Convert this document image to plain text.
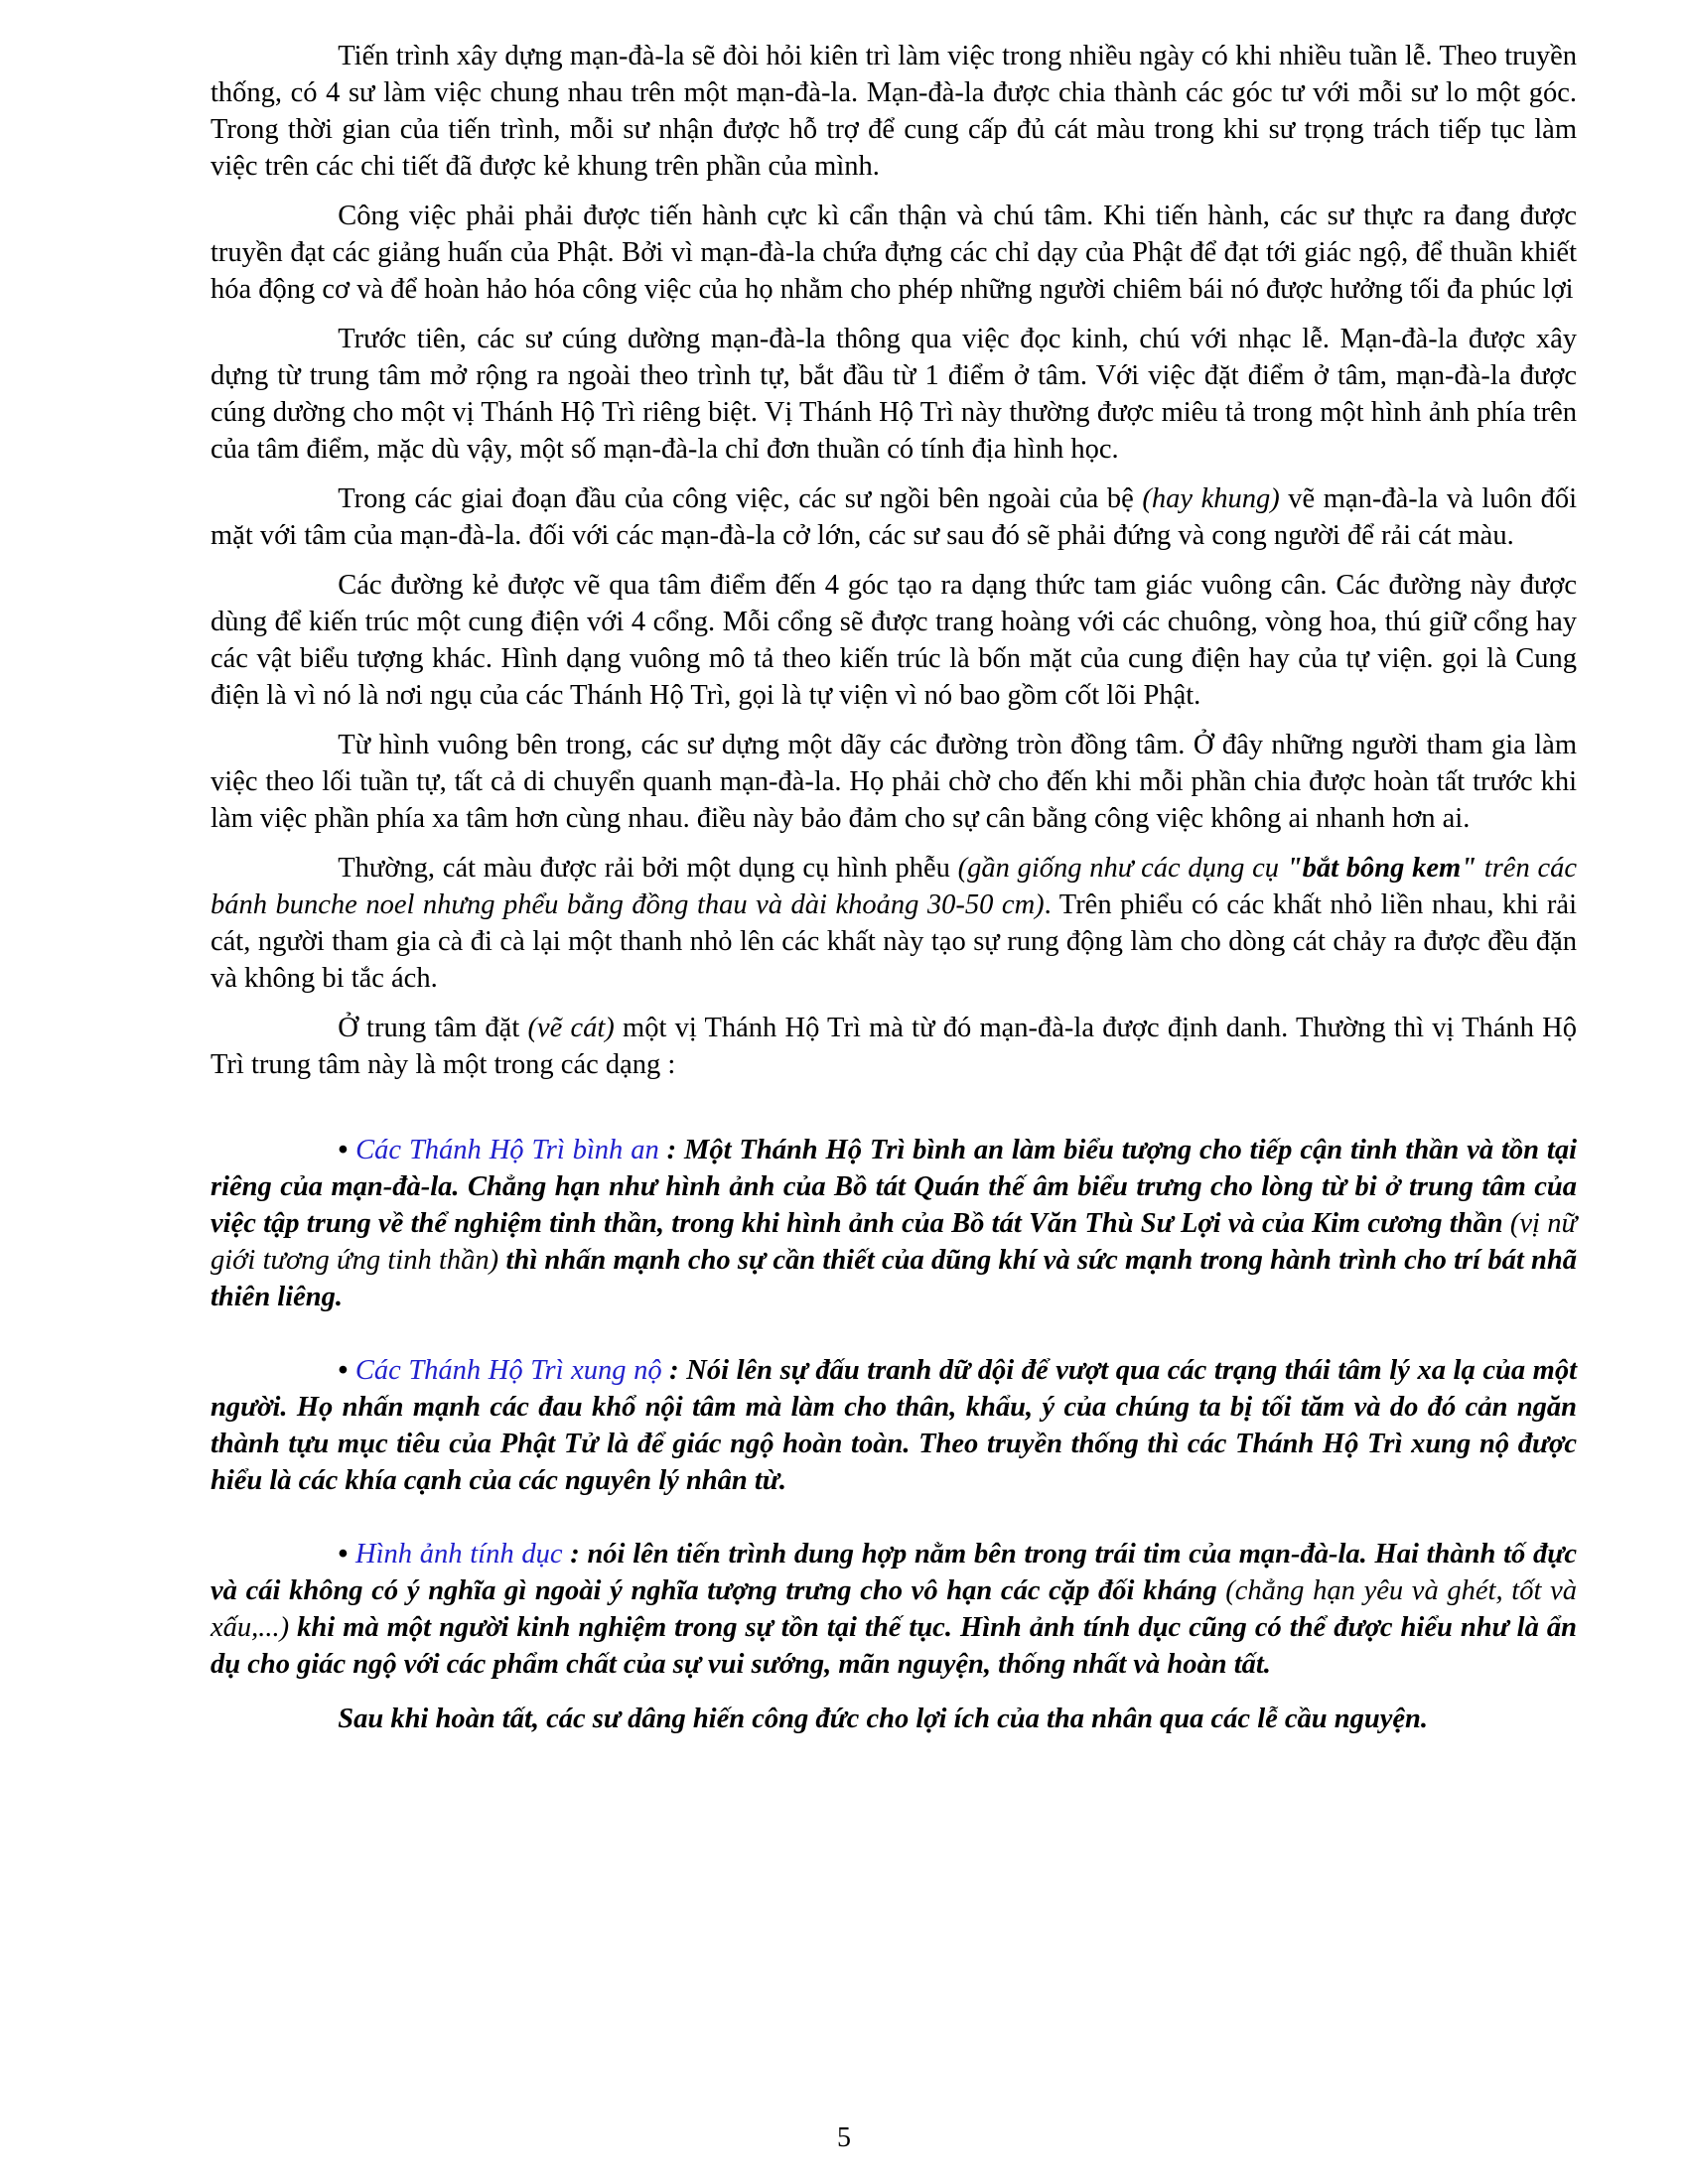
Tiến trình xây dựng mạn-đà-la sẽ đòi hỏi kiên trì làm việc trong nhiều ngày có khi nhiều tuần lễ. Theo truyền thống, có 4 sư làm việc chung nhau trên một mạn-đà-la. Mạn-đà-la được chia thành các góc tư với mỗi sư lo một góc. Trong thời gian của tiến trình, mỗi sư nhận được hỗ trợ để cung cấp đủ cát màu trong khi sư trọng trách tiếp tục làm việc trên các chi tiết đã được kẻ khung trên phần của mình.

Công việc phải phải được tiến hành cực kì cẩn thận và chú tâm. Khi tiến hành, các sư thực ra đang được truyền đạt các giảng huấn của Phật. Bởi vì mạn-đà-la chứa đựng các chỉ dạy của Phật để đạt tới giác ngộ, để thuần khiết hóa động cơ và để hoàn hảo hóa công việc của họ nhằm cho phép những người chiêm bái nó được hưởng tối đa phúc lợi

Trước tiên, các sư cúng dường mạn-đà-la thông qua việc đọc kinh, chú với nhạc lễ. Mạn-đà-la được xây dựng từ trung tâm mở rộng ra ngoài theo trình tự, bắt đầu từ 1 điểm ở tâm. Với việc đặt điểm ở tâm, mạn-đà-la được cúng dường cho một vị Thánh Hộ Trì riêng biệt. Vị Thánh Hộ Trì này thường được miêu tả trong một hình ảnh phía trên của tâm điểm, mặc dù vậy, một số mạn-đà-la chỉ đơn thuần có tính địa hình học.

Trong các giai đoạn đầu của công việc, các sư ngồi bên ngoài của bệ (hay khung) vẽ mạn-đà-la và luôn đối mặt với tâm của mạn-đà-la. đối với các mạn-đà-la cở lớn, các sư sau đó sẽ phải đứng và cong người để rải cát màu.

Các đường kẻ được vẽ qua tâm điểm đến 4 góc tạo ra dạng thức tam giác vuông cân. Các đường này được dùng để kiến trúc một cung điện với 4 cổng. Mỗi cổng sẽ được trang hoàng với các chuông, vòng hoa, thú giữ cổng hay các vật biểu tượng khác. Hình dạng vuông mô tả theo kiến trúc là bốn mặt của cung điện hay của tự viện. gọi là Cung điện là vì nó là nơi ngụ của các Thánh Hộ Trì, gọi là tự viện vì nó bao gồm cốt lõi Phật.

Từ hình vuông bên trong, các sư dựng một dãy các đường tròn đồng tâm. Ở đây những người tham gia làm việc theo lối tuần tự, tất cả di chuyển quanh mạn-đà-la. Họ phải chờ cho đến khi mỗi phần chia được hoàn tất trước khi làm việc phần phía xa tâm hơn cùng nhau. điều này bảo đảm cho sự cân bằng công việc không ai nhanh hơn ai.

Thường, cát màu được rải bởi một dụng cụ hình phễu (gần giống như các dụng cụ "bắt bông kem" trên các bánh bunche noel nhưng phểu bằng đồng thau và dài khoảng 30-50 cm). Trên phiểu có các khất nhỏ liền nhau, khi rải cát, người tham gia cà đi cà lại một thanh nhỏ lên các khất này tạo sự rung động làm cho dòng cát chảy ra được đều đặn và không bi tắc ách.

Ở trung tâm đặt (vẽ cát) một vị Thánh Hộ Trì mà từ đó mạn-đà-la được định danh. Thường thì vị Thánh Hộ Trì trung tâm này là một trong các dạng :

• Các Thánh Hộ Trì bình an : Một Thánh Hộ Trì bình an làm biểu tượng cho tiếp cận tinh thần và tồn tại riêng của mạn-đà-la. Chẳng hạn như hình ảnh của Bồ tát Quán thế âm biểu trưng cho lòng từ bi ở trung tâm của việc tập trung về thể nghiệm tinh thần, trong khi hình ảnh của Bồ tát Văn Thù Sư Lợi và của Kim cương thần (vị nữ giới tương ứng tinh thần) thì nhấn mạnh cho sự cần thiết của dũng khí và sức mạnh trong hành trình cho trí bát nhã thiên liêng.

• Các Thánh Hộ Trì xung nộ : Nói lên sự đấu tranh dữ dội để vượt qua các trạng thái tâm lý xa lạ của một người. Họ nhấn mạnh các đau khổ nội tâm mà làm cho thân, khẩu, ý của chúng ta bị tối tăm và do đó cản ngăn thành tựu mục tiêu của Phật Tử là để giác ngộ hoàn toàn. Theo truyền thống thì các Thánh Hộ Trì xung nộ được hiểu là các khía cạnh của các nguyên lý nhân từ.

• Hình ảnh tính dục : nói lên tiến trình dung hợp nằm bên trong trái tim của mạn-đà-la. Hai thành tố đực và cái không có ý nghĩa gì ngoài ý nghĩa tượng trưng cho vô hạn các cặp đối kháng (chẳng hạn yêu và ghét, tốt và xấu,...) khi mà một người kinh nghiệm trong sự tồn tại thế tục. Hình ảnh tính dục cũng có thể được hiểu như là ẩn dụ cho giác ngộ với các phẩm chất của sự vui sướng, mãn nguyện, thống nhất và hoàn tất.

Sau khi hoàn tất, các sư dâng hiến công đức cho lợi ích của tha nhân qua các lễ cầu nguyện.

5
